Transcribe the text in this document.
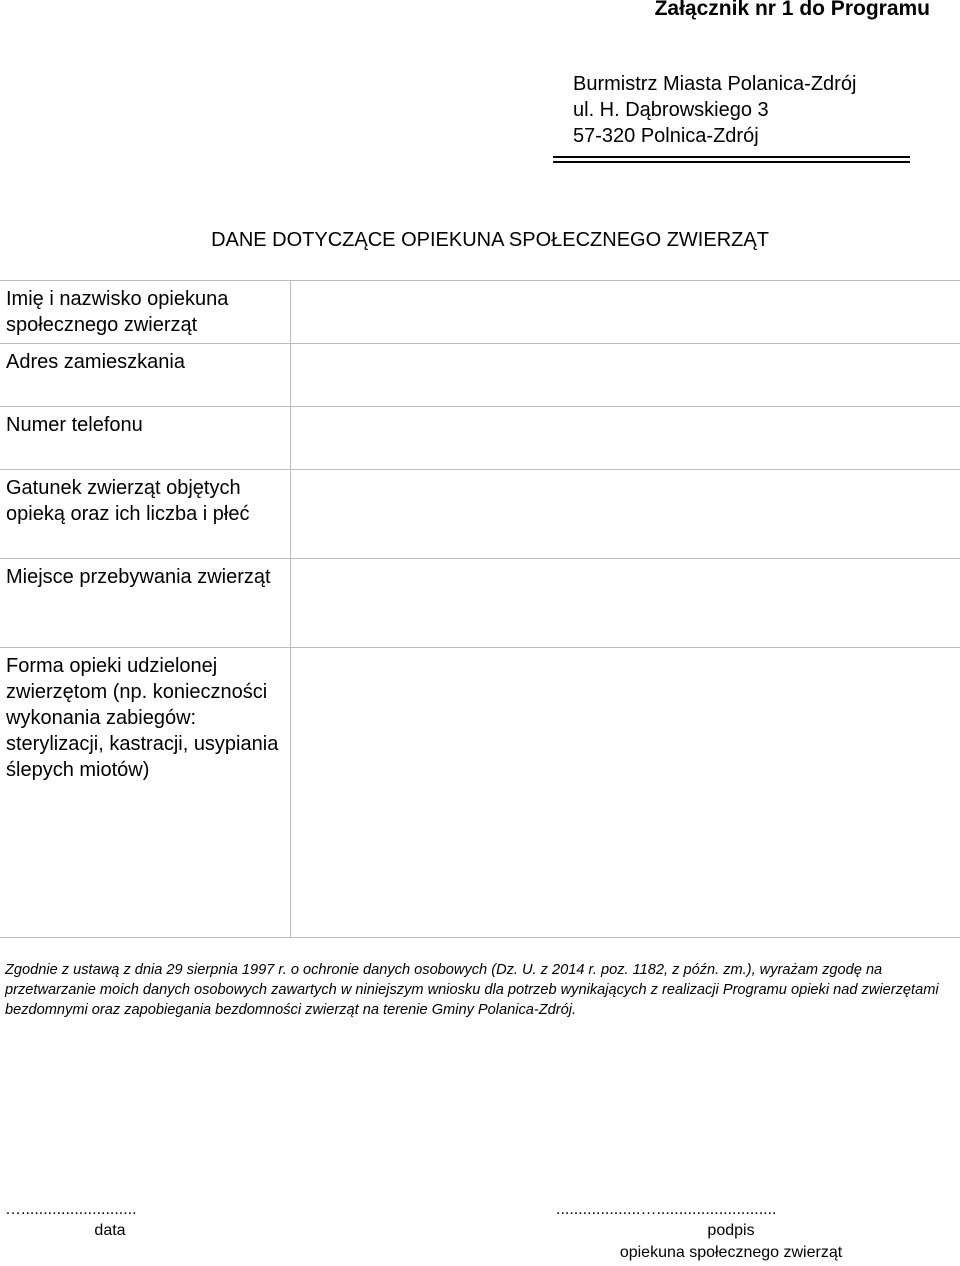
Załącznik nr 1 do Programu
Burmistrz Miasta Polanica-Zdrój
ul. H. Dąbrowskiego 3
57-320 Polnica-Zdrój
DANE DOTYCZĄCE OPIEKUNA SPOŁECZNEGO ZWIERZĄT
Imię i nazwisko opiekuna społecznego zwierząt	
Adres zamieszkania	
Numer telefonu	
Gatunek zwierząt objętych opieką oraz ich liczba i płeć	
Miejsce przebywania zwierząt	
Forma opieki udzielonej zwierzętom (np. konieczności wykonania zabiegów: sterylizacji, kastracji, usypiania ślepych miotów)	

Zgodnie z ustawą z dnia 29 sierpnia 1997 r. o ochronie danych osobowych (Dz. U. z 2014 r. poz. 1182, z późn. zm.), wyrażam zgodę na przetwarzanie moich danych osobowych zawartych w niniejszym wniosku dla potrzeb wynikających z realizacji Programu opieki nad zwierzętami bezdomnymi oraz zapobiegania bezdomności zwierząt na terenie Gminy Polanica-Zdrój.

…..........................
data
...................…...........................
podpis
opiekuna społecznego zwierząt
